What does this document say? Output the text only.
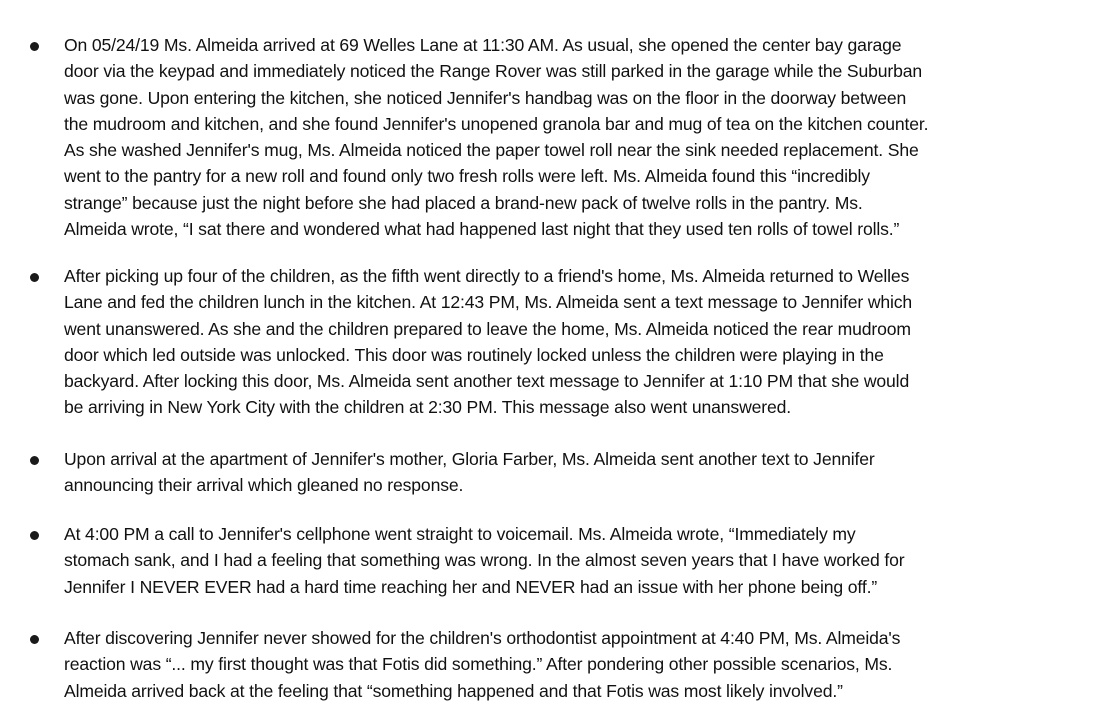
On 05/24/19 Ms. Almeida arrived at 69 Welles Lane at 11:30 AM. As usual, she opened the center bay garage
door via the keypad and immediately noticed the Range Rover was still parked in the garage while the Suburban
was gone. Upon entering the kitchen, she noticed Jennifer's handbag was on the floor in the doorway between
the mudroom and kitchen, and she found Jennifer's unopened granola bar and mug of tea on the kitchen counter.
As she washed Jennifer's mug, Ms. Almeida noticed the paper towel roll near the sink needed replacement. She
went to the pantry for a new roll and found only two fresh rolls were left. Ms. Almeida found this “incredibly
strange” because just the night before she had placed a brand-new pack of twelve rolls in the pantry. Ms.
Almeida wrote, “I sat there and wondered what had happened last night that they used ten rolls of towel rolls.”

After picking up four of the children, as the fifth went directly to a friend's home, Ms. Almeida returned to Welles
Lane and fed the children lunch in the kitchen. At 12:43 PM, Ms. Almeida sent a text message to Jennifer which
went unanswered. As she and the children prepared to leave the home, Ms. Almeida noticed the rear mudroom
door which led outside was unlocked. This door was routinely locked unless the children were playing in the
backyard. After locking this door, Ms. Almeida sent another text message to Jennifer at 1:10 PM that she would
be arriving in New York City with the children at 2:30 PM. This message also went unanswered.

Upon arrival at the apartment of Jennifer's mother, Gloria Farber, Ms. Almeida sent another text to Jennifer
announcing their arrival which gleaned no response.

At 4:00 PM a call to Jennifer's cellphone went straight to voicemail. Ms. Almeida wrote, “Immediately my
stomach sank, and I had a feeling that something was wrong. In the almost seven years that I have worked for
Jennifer I NEVER EVER had a hard time reaching her and NEVER had an issue with her phone being off.”

After discovering Jennifer never showed for the children's orthodontist appointment at 4:40 PM, Ms. Almeida's
reaction was “... my first thought was that Fotis did something.” After pondering other possible scenarios, Ms.
Almeida arrived back at the feeling that “something happened and that Fotis was most likely involved.”
